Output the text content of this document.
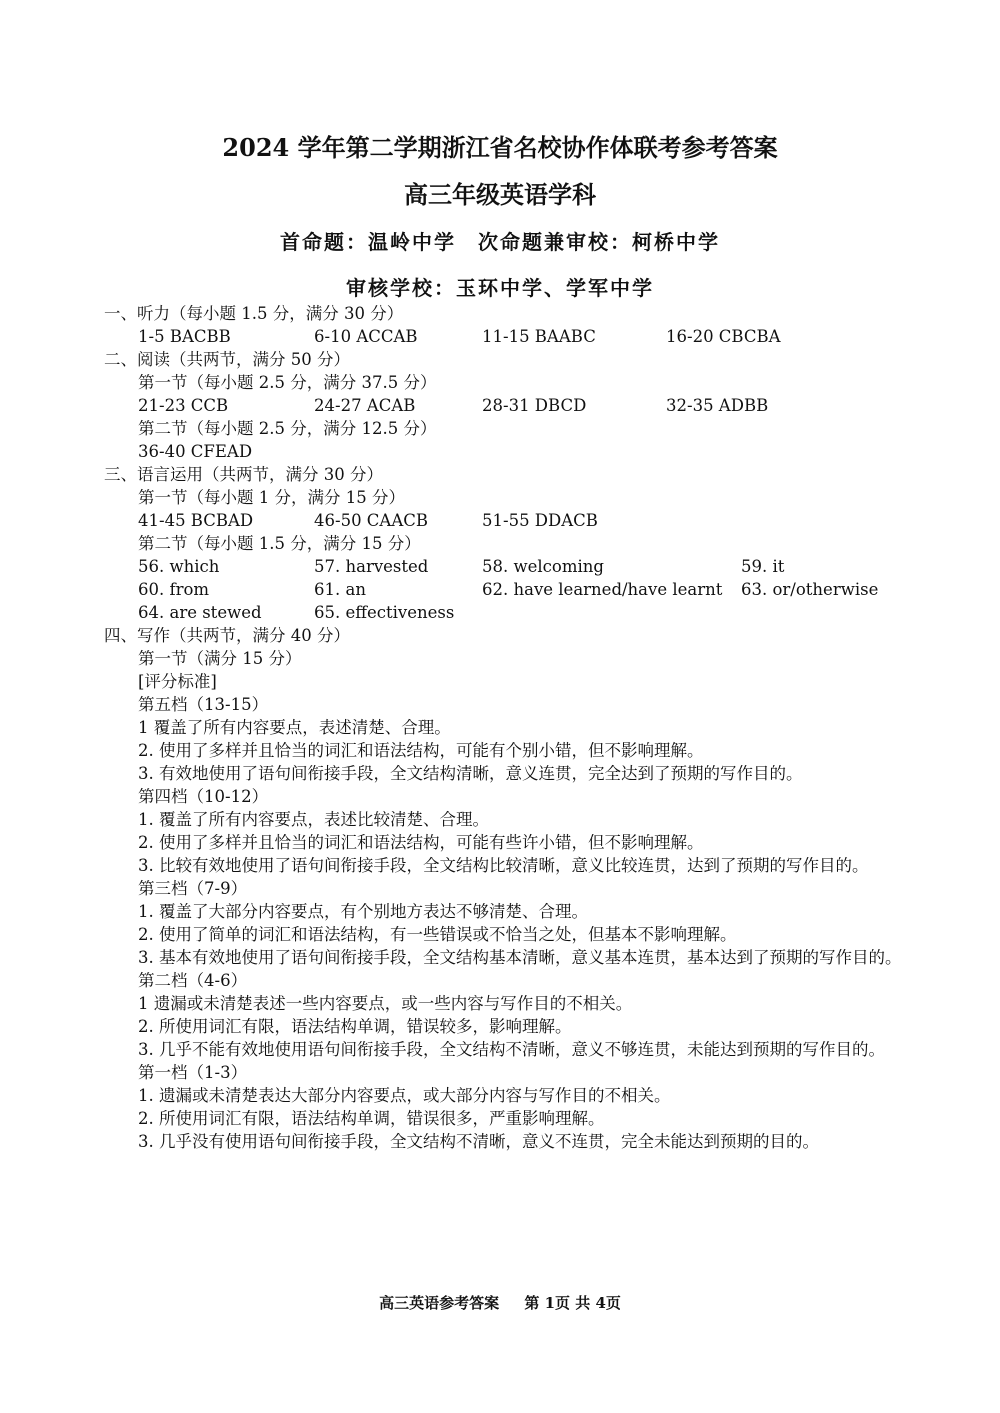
2024 学年第二学期浙江省名校协作体联考参考答案
高三年级英语学科
首命题：温岭中学　次命题兼审校：柯桥中学
审核学校：玉环中学、学军中学
一、听力（每小题 1.5 分，满分 30 分）
1-5 BACBB	6-10 ACCAB	11-15 BAABC	16-20 CBCBA
二、阅读（共两节，满分 50 分）
第一节（每小题 2.5 分，满分 37.5 分）
21-23 CCB	24-27 ACAB	28-31 DBCD	32-35 ADBB
第二节（每小题 2.5 分，满分 12.5 分）
36-40 CFEAD
三、语言运用（共两节，满分 30 分）
第一节（每小题 1 分，满分 15 分）
41-45 BCBAD	46-50 CAACB	51-55 DDACB
第二节（每小题 1.5 分，满分 15 分）
56. which	57. harvested	58. welcoming	59. it
60. from	61. an	62. have learned/have learnt 63. or/otherwise
64. are stewed	65. effectiveness
四、写作（共两节，满分 40 分）
第一节（满分 15 分）
[评分标准]
第五档（13-15）
1 覆盖了所有内容要点，表述清楚、合理。
2. 使用了多样并且恰当的词汇和语法结构，可能有个别小错，但不影响理解。
3. 有效地使用了语句间衔接手段，全文结构清晰，意义连贯，完全达到了预期的写作目的。
第四档（10-12）
1. 覆盖了所有内容要点，表述比较清楚、合理。
2. 使用了多样并且恰当的词汇和语法结构，可能有些许小错，但不影响理解。
3. 比较有效地使用了语句间衔接手段，全文结构比较清晰，意义比较连贯，达到了预期的写作目的。
第三档（7-9）
1. 覆盖了大部分内容要点，有个别地方表达不够清楚、合理。
2. 使用了简单的词汇和语法结构，有一些错误或不恰当之处，但基本不影响理解。
3. 基本有效地使用了语句间衔接手段，全文结构基本清晰，意义基本连贯，基本达到了预期的写作目的。
第二档（4-6）
1 遗漏或未清楚表述一些内容要点，或一些内容与写作目的不相关。
2. 所使用词汇有限，语法结构单调，错误较多，影响理解。
3. 几乎不能有效地使用语句间衔接手段，全文结构不清晰，意义不够连贯，未能达到预期的写作目的。
第一档（1-3）
1. 遗漏或未清楚表达大部分内容要点，或大部分内容与写作目的不相关。
2. 所使用词汇有限，语法结构单调，错误很多，严重影响理解。
3. 几乎没有使用语句间衔接手段，全文结构不清晰，意义不连贯，完全未能达到预期的目的。
高三英语参考答案 第 1页 共 4页
